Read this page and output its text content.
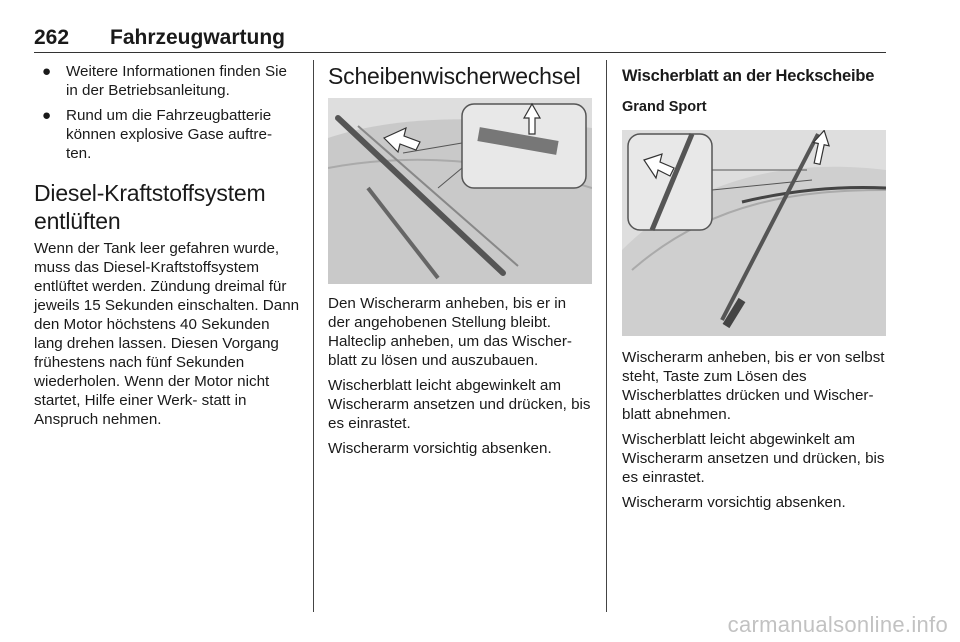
262 Fahrzeugwartung
● Weitere Informationen finden Sie in der Betriebsanleitung.
● Rund um die Fahrzeugbatterie können explosive Gase auftre‑ ten.
Diesel-Kraftstoffsystem entlüften

Wenn der Tank leer gefahren wurde, muss das Diesel-Kraftstoffsystem entlüftet werden. Zündung dreimal für jeweils 15 Sekunden einschalten. Dann den Motor höchstens 40 Sekunden lang drehen lassen. Diesen Vorgang frühestens nach fünf Sekunden wiederholen. Wenn der Motor nicht startet, Hilfe einer Werk‑ statt in Anspruch nehmen.

Scheibenwischerwechsel

Den Wischerarm anheben, bis er in der angehobenen Stellung bleibt. Halteclip anheben, um das Wischer‑ blatt zu lösen und auszubauen.

Wischerblatt leicht abgewinkelt am Wischerarm ansetzen und drücken, bis es einrastet.

Wischerarm vorsichtig absenken.

Wischerblatt an der Heckscheibe
Grand Sport

Wischerarm anheben, bis er von selbst steht, Taste zum Lösen des Wischerblattes drücken und Wischer‑ blatt abnehmen.

Wischerblatt leicht abgewinkelt am Wischerarm ansetzen und drücken, bis es einrastet.

Wischerarm vorsichtig absenken.

carmanualsonline.info
